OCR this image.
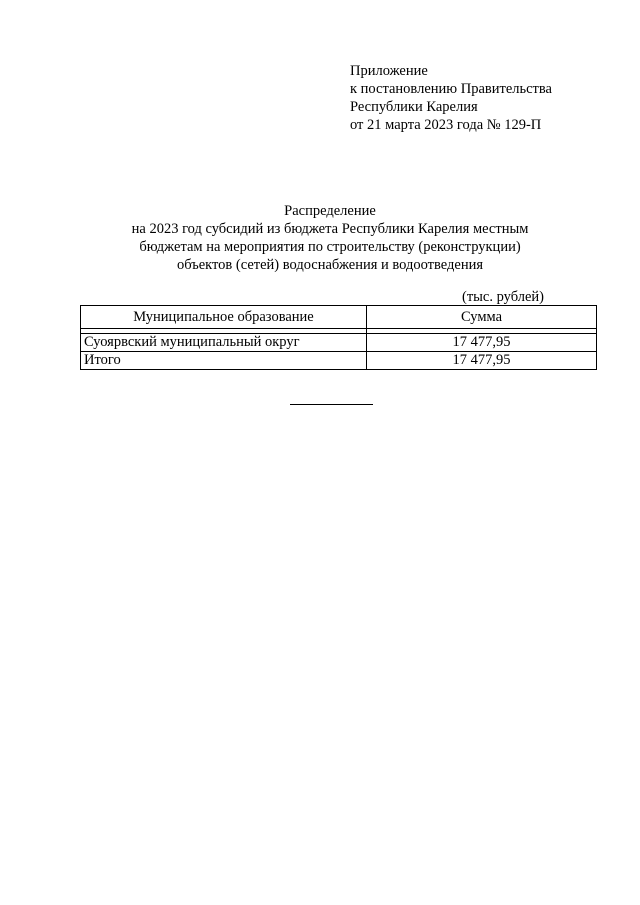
Приложение
к постановлению Правительства
Республики Карелия
от 21 марта 2023 года № 129-П
Распределение
на 2023 год субсидий из бюджета Республики Карелия местным
бюджетам на мероприятия по строительству (реконструкции)
объектов (сетей) водоснабжения и водоотведения
(тыс. рублей)
Муниципальное образование	Сумма

Суоярвский муниципальный округ	17 477,95
Итого	17 477,95
